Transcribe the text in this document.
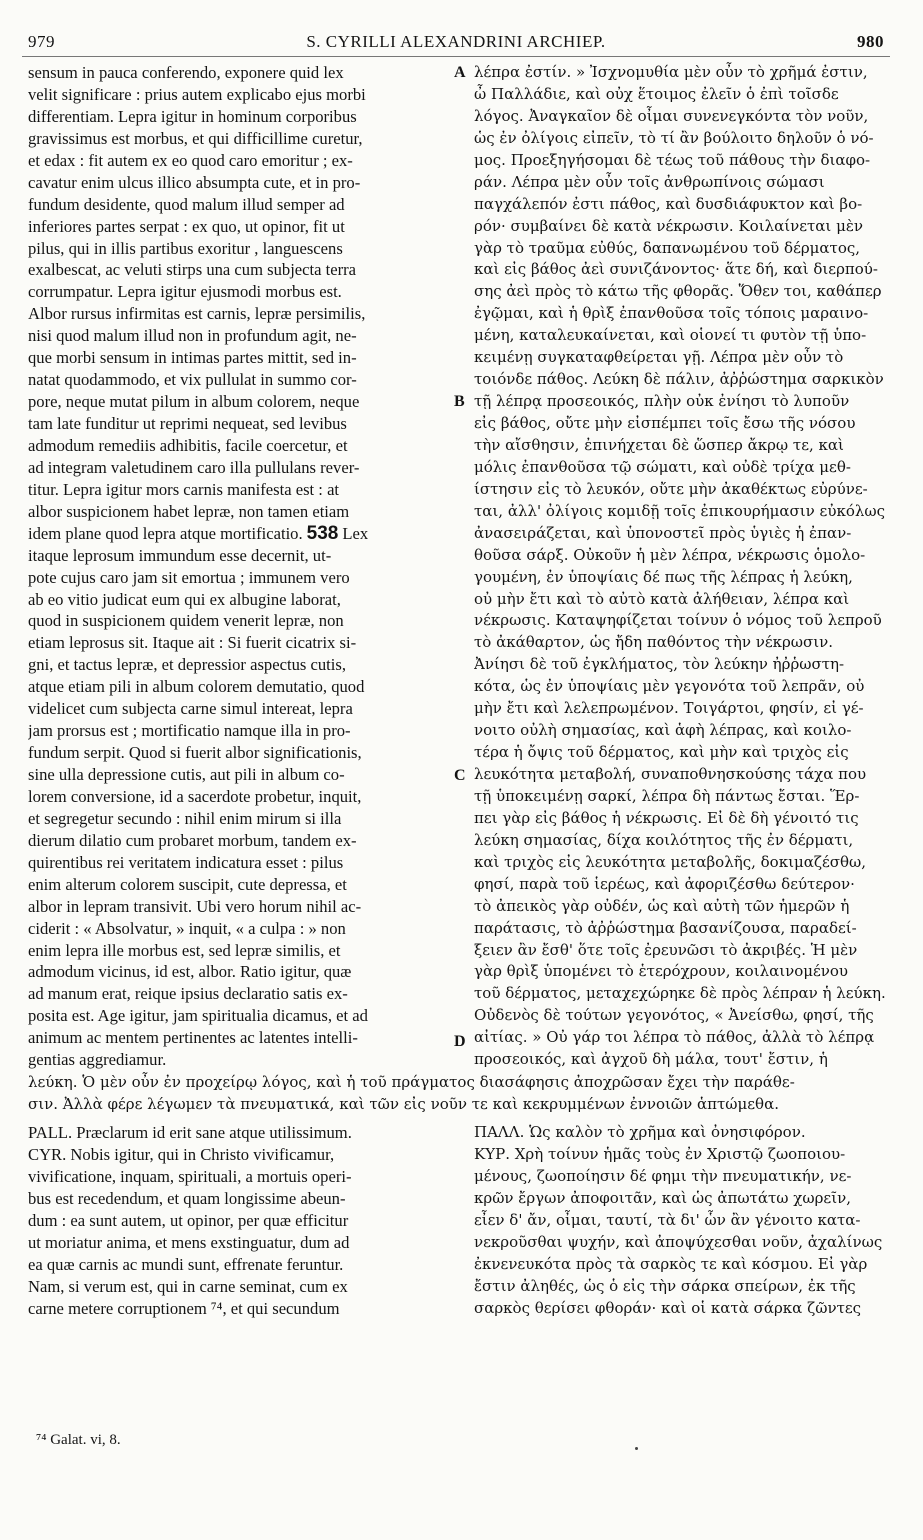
979	S. CYRILLI ALEXANDRINI ARCHIEP.	980
sensum in pauca conferendo, exponere quid lex
velit significare : prius autem explicabo ejus morbi
differentiam. Lepra igitur in hominum corporibus
gravissimus est morbus, et qui difficillime curetur,
et edax : fit autem ex eo quod caro emoritur ; ex-
cavatur enim ulcus illico absumpta cute, et in pro-
fundum desidente, quod malum illud semper ad
inferiores partes serpat : ex quo, ut opinor, fit ut
pilus, qui in illis partibus exoritur , languescens
exalbescat, ac veluti stirps una cum subjecta terra
corrumpatur. Lepra igitur ejusmodi morbus est.
Albor rursus infirmitas est carnis, lepræ persimilis,
nisi quod malum illud non in profundum agit, ne-
que morbi sensum in intimas partes mittit, sed in-
natat quodammodo, et vix pullulat in summo cor-
pore, neque mutat pilum in album colorem, neque
tam late funditur ut reprimi nequeat, sed levibus
admodum remediis adhibitis, facile coercetur, et
ad integram valetudinem caro illa pullulans rever-
titur. Lepra igitur mors carnis manifesta est : at
albor suspicionem habet lepræ, non tamen etiam
idem plane quod lepra atque mortificatio. 538 Lex
itaque leprosum immundum esse decernit, ut-
pote cujus caro jam sit emortua ; immunem vero
ab eo vitio judicat eum qui ex albugine laborat,
quod in suspicionem quidem venerit lepræ, non
etiam leprosus sit. Itaque ait : Si fuerit cicatrix si-
gni, et tactus lepræ, et depressior aspectus cutis,
atque etiam pili in album colorem demutatio, quod
videlicet cum subjecta carne simul intereat, lepra
jam prorsus est ; mortificatio namque illa in pro-
fundum serpit. Quod si fuerit albor significationis,
sine ulla depressione cutis, aut pili in album co-
lorem conversione, id a sacerdote probetur, inquit,
et segregetur secundo : nihil enim mirum si illa
dierum dilatio cum probaret morbum, tandem ex-
quirentibus rei veritatem indicatura esset : pilus
enim alterum colorem suscipit, cute depressa, et
albor in lepram transivit. Ubi vero horum nihil ac-
ciderit : « Absolvatur, » inquit, « a culpa : » non
enim lepra ille morbus est, sed lepræ similis, et
admodum vicinus, id est, albor. Ratio igitur, quæ
ad manum erat, reique ipsius declaratio satis ex-
posita est. Age igitur, jam spiritualia dicamus, et ad
animum ac mentem pertinentes ac latentes intelli-
gentias aggrediamur.
λέπρα ἐστίν. » Ἰσχνομυθία μὲν οὖν τὸ χρῆμά ἐστιν,
ὦ Παλλάδιε, καὶ οὐχ ἕτοιμος ἐλεῖν ὁ ἐπὶ τοῖσδε
λόγος. Ἀναγκαῖον δὲ οἶμαι συνενεγκόντα τὸν νοῦν,
ὡς ἐν ὀλίγοις εἰπεῖν, τὸ τί ἂν βούλοιτο δηλοῦν ὁ νό-
μος. Προεξηγήσομαι δὲ τέως τοῦ πάθους τὴν διαφο-
ράν. Λέπρα μὲν οὖν τοῖς ἀνθρωπίνοις σώμασι
παγχάλεπόν ἐστι πάθος, καὶ δυσδιάφυκτον καὶ βο-
ρόν· συμβαίνει δὲ κατὰ νέκρωσιν. Κοιλαίνεται μὲν
γὰρ τὸ τραῦμα εὐθύς, δαπανωμένου τοῦ δέρματος,
καὶ εἰς βάθος ἀεὶ συνιζάνοντος· ἅτε δή, καὶ διερπού-
σης ἀεὶ πρὸς τὸ κάτω τῆς φθορᾶς. Ὅθεν τοι, καθάπερ
ἐγῷμαι, καὶ ἡ θρὶξ ἐπανθοῦσα τοῖς τόποις μαραινο-
μένη, καταλευκαίνεται, καὶ οἱονεί τι φυτὸν τῇ ὑπο-
κειμένῃ συγκαταφθείρεται γῇ. Λέπρα μὲν οὖν τὸ
τοιόνδε πάθος. Λεύκη δὲ πάλιν, ἀῤῥώστημα σαρκικὸν
τῇ λέπρᾳ προσεοικός, πλὴν οὐκ ἐνίησι τὸ λυποῦν
εἰς βάθος, οὔτε μὴν εἰσπέμπει τοῖς ἔσω τῆς νόσου
τὴν αἴσθησιν, ἐπινήχεται δὲ ὥσπερ ἄκρῳ τε, καὶ
μόλις ἐπανθοῦσα τῷ σώματι, καὶ οὐδὲ τρίχα μεθ-
ίστησιν εἰς τὸ λευκόν, οὔτε μὴν ἀκαθέκτως εὐρύνε-
ται, ἀλλ' ὀλίγοις κομιδῇ τοῖς ἐπικουρήμασιν εὐκόλως
ἀνασειράζεται, καὶ ὑπονοστεῖ πρὸς ὑγιὲς ἡ ἐπαν-
θοῦσα σάρξ. Οὐκοῦν ἡ μὲν λέπρα, νέκρωσις ὁμολο-
γουμένη, ἐν ὑποψίαις δέ πως τῆς λέπρας ἡ λεύκη,
οὐ μὴν ἔτι καὶ τὸ αὐτὸ κατὰ ἀλήθειαν, λέπρα καὶ
νέκρωσις. Καταψηφίζεται τοίνυν ὁ νόμος τοῦ λεπροῦ
τὸ ἀκάθαρτον, ὡς ἤδη παθόντος τὴν νέκρωσιν.
Ἀνίησι δὲ τοῦ ἐγκλήματος, τὸν λεύκην ἠῤῥωστη-
κότα, ὡς ἐν ὑποψίαις μὲν γεγονότα τοῦ λεπρᾶν, οὐ
μὴν ἔτι καὶ λελεπρωμένον. Τοιγάρτοι, φησίν, εἰ γέ-
νοιτο οὐλὴ σημασίας, καὶ ἁφὴ λέπρας, καὶ κοιλο-
τέρα ἡ ὄψις τοῦ δέρματος, καὶ μὴν καὶ τριχὸς εἰς
λευκότητα μεταβολή, συναποθνησκούσης τάχα που
τῇ ὑποκειμένῃ σαρκί, λέπρα δὴ πάντως ἔσται. Ἕρ-
πει γὰρ εἰς βάθος ἡ νέκρωσις. Εἰ δὲ δὴ γένοιτό τις
λεύκη σημασίας, δίχα κοιλότητος τῆς ἐν δέρματι,
καὶ τριχὸς εἰς λευκότητα μεταβολῆς, δοκιμαζέσθω,
φησί, παρὰ τοῦ ἱερέως, καὶ ἀφοριζέσθω δεύτερον·
τὸ ἀπεικὸς γὰρ οὐδέν, ὡς καὶ αὐτὴ τῶν ἡμερῶν ἡ
παράτασις, τὸ ἀῤῥώστημα βασανίζουσα, παραδεί-
ξειεν ἂν ἔσθ' ὅτε τοῖς ἐρευνῶσι τὸ ἀκριβές. Ἡ μὲν
γὰρ θρὶξ ὑπομένει τὸ ἑτερόχρουν, κοιλαινομένου
τοῦ δέρματος, μεταχεχώρηκε δὲ πρὸς λέπραν ἡ λεύκη.
Οὐδενὸς δὲ τούτων γεγονότος, « Ἀνείσθω, φησί, τῆς
αἰτίας. » Οὐ γάρ τοι λέπρα τὸ πάθος, ἀλλὰ τὸ λέπρᾳ
προσεοικός, καὶ ἀγχοῦ δὴ μάλα, τουτ' ἔστιν, ἡ
λεύκη. Ὁ μὲν οὖν ἐν προχείρῳ λόγος, καὶ ἡ τοῦ πράγματος διασάφησις ἀποχρῶσαν ἔχει τὴν παράθε-
σιν. Ἀλλὰ φέρε λέγωμεν τὰ πνευματικά, καὶ τῶν εἰς νοῦν τε καὶ κεκρυμμένων ἐννοιῶν ἁπτώμεθα.
PALL. Præclarum id erit sane atque utilissimum.
CYR. Nobis igitur, qui in Christo vivificamur,
vivificatione, inquam, spirituali, a mortuis operi-
bus est recedendum, et quam longissime abeun-
dum : ea sunt autem, ut opinor, per quæ efficitur
ut moriatur anima, et mens exstinguatur, dum ad
ea quæ carnis ac mundi sunt, effrenate feruntur.
Nam, si verum est, qui in carne seminat, cum ex
carne metere corruptionem ⁷⁴, et qui secundum
ΠΑΛΛ. Ὡς καλὸν τὸ χρῆμα καὶ ὀνησιφόρον.
ΚΥΡ. Χρὴ τοίνυν ἡμᾶς τοὺς ἐν Χριστῷ ζωοποιου-
μένους, ζωοποίησιν δέ φημι τὴν πνευματικήν, νε-
κρῶν ἔργων ἀποφοιτᾶν, καὶ ὡς ἀπωτάτω χωρεῖν,
εἶεν δ' ἄν, οἶμαι, ταυτί, τὰ δι' ὧν ἂν γένοιτο κατα-
νεκροῦσθαι ψυχήν, καὶ ἀποψύχεσθαι νοῦν, ἀχαλίνως
ἐκνενευκότα πρὸς τὰ σαρκὸς τε καὶ κόσμου. Εἰ γὰρ
ἔστιν ἀληθές, ὡς ὁ εἰς τὴν σάρκα σπείρων, ἐκ τῆς
σαρκὸς θερίσει φθοράν· καὶ οἱ κατὰ σάρκα ζῶντες
A
B
C
D
⁷⁴ Galat. vi, 8.
